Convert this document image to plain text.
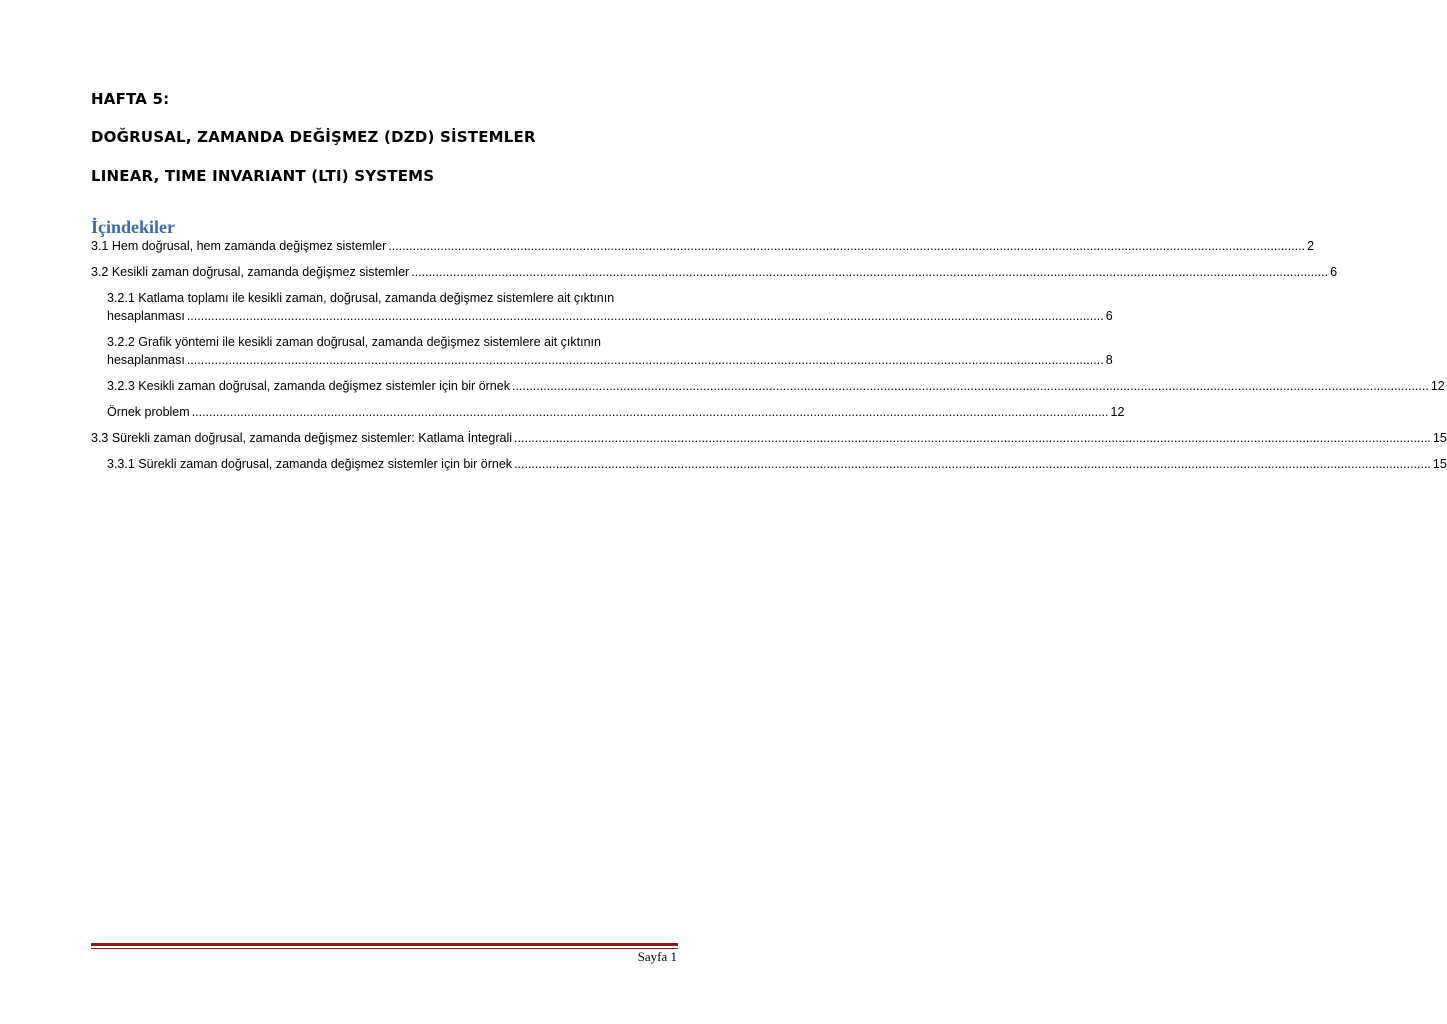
HAFTA 5:
DOĞRUSAL, ZAMANDA DEĞİŞMEZ (DZD) SİSTEMLER
LINEAR, TIME INVARIANT (LTI) SYSTEMS
İçindekiler
3.1 Hem doğrusal, hem zamanda değişmez sistemler .....	2
3.2 Kesikli zaman doğrusal, zamanda değişmez sistemler .....	6
3.2.1 Katlama toplamı ile kesikli zaman, doğrusal, zamanda değişmez sistemlere ait çıktının
hesaplanması .....	6
3.2.2 Grafik yöntemi ile kesikli zaman doğrusal, zamanda değişmez sistemlere ait çıktının
hesaplanması .....	8
3.2.3 Kesikli zaman doğrusal, zamanda değişmez sistemler için bir örnek .....	12
Örnek problem .....	12
3.3 Sürekli zaman doğrusal, zamanda değişmez sistemler: Katlama İntegrali .....	15
3.3.1 Sürekli zaman doğrusal, zamanda değişmez sistemler için bir örnek .....	15
Sayfa 1
